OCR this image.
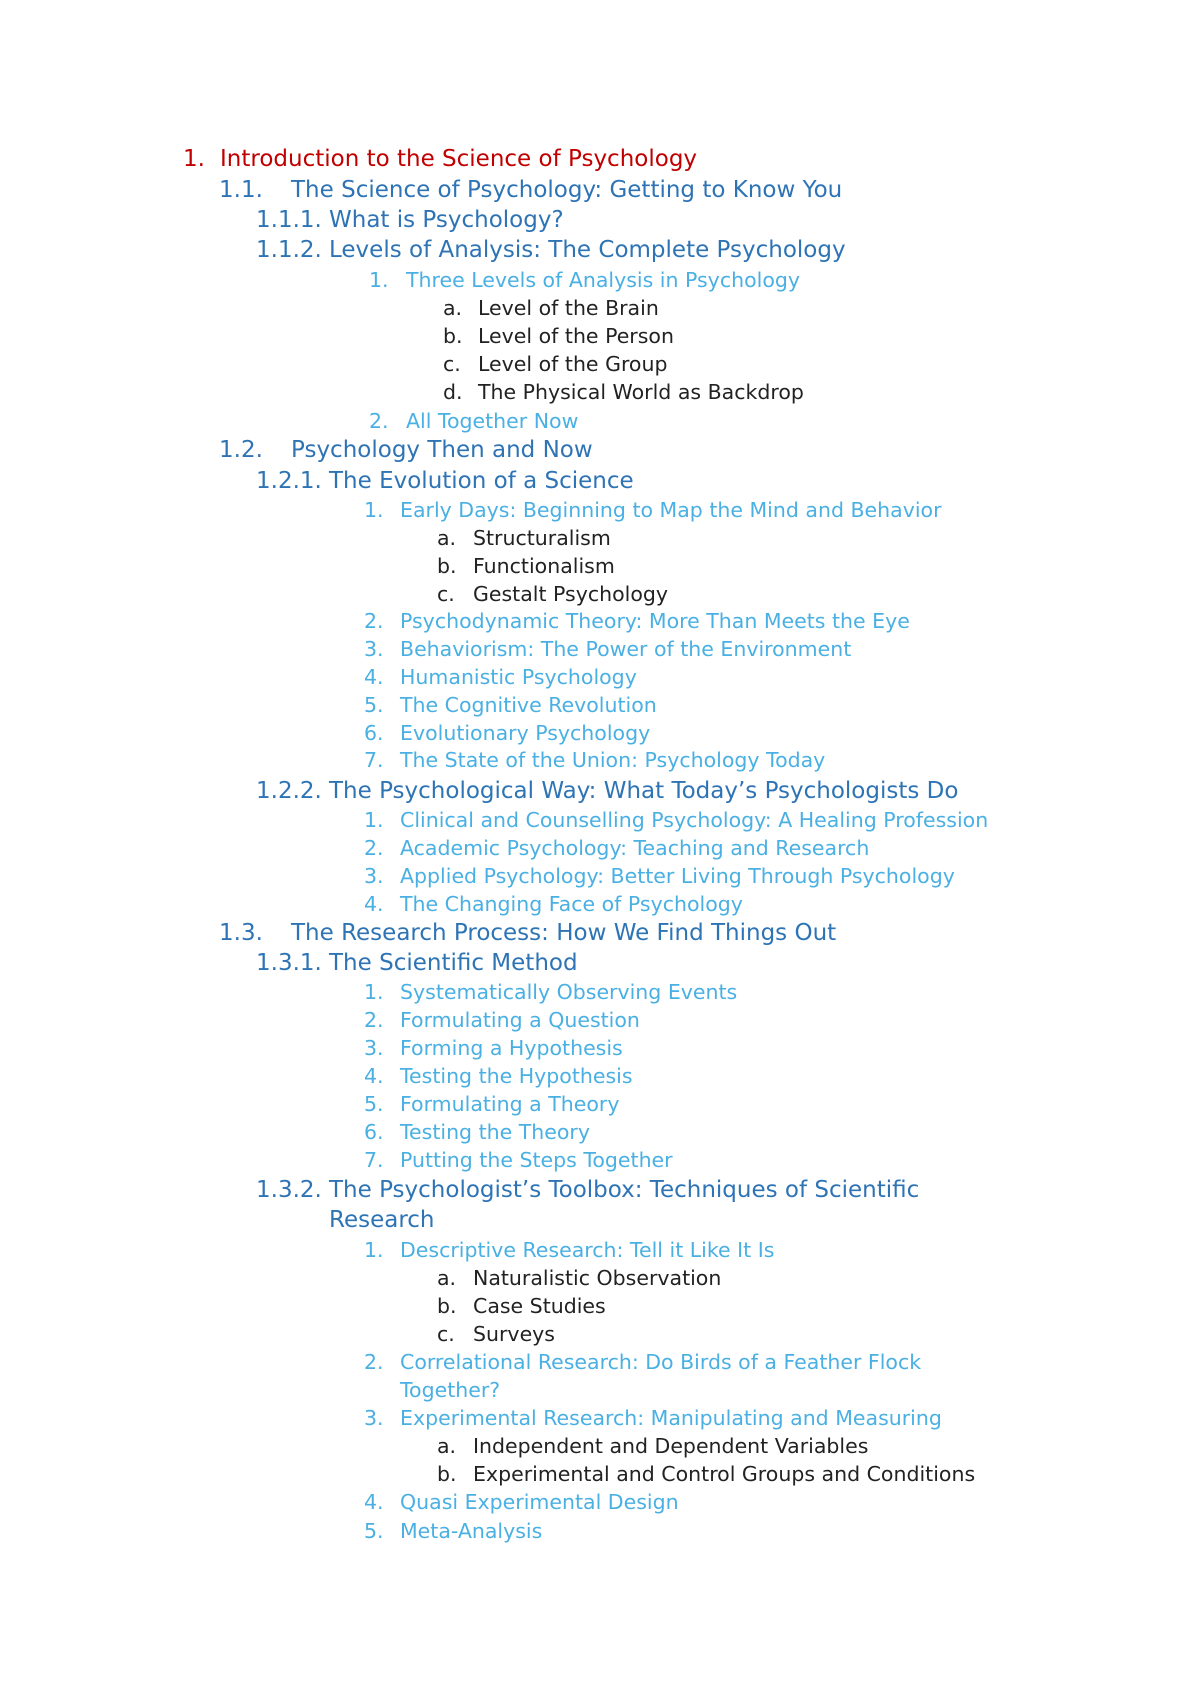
1. Introduction to the Science of Psychology
1.1. The Science of Psychology: Getting to Know You
1.1.1. What is Psychology?
1.1.2. Levels of Analysis: The Complete Psychology
1. Three Levels of Analysis in Psychology
a. Level of the Brain
b. Level of the Person
c. Level of the Group
d. The Physical World as Backdrop
2. All Together Now
1.2. Psychology Then and Now
1.2.1. The Evolution of a Science
1. Early Days: Beginning to Map the Mind and Behavior
a. Structuralism
b. Functionalism
c. Gestalt Psychology
2. Psychodynamic Theory: More Than Meets the Eye
3. Behaviorism: The Power of the Environment
4. Humanistic Psychology
5. The Cognitive Revolution
6. Evolutionary Psychology
7. The State of the Union: Psychology Today
1.2.2. The Psychological Way: What Today’s Psychologists Do
1. Clinical and Counselling Psychology: A Healing Profession
2. Academic Psychology: Teaching and Research
3. Applied Psychology: Better Living Through Psychology
4. The Changing Face of Psychology
1.3. The Research Process: How We Find Things Out
1.3.1. The Scientific Method
1. Systematically Observing Events
2. Formulating a Question
3. Forming a Hypothesis
4. Testing the Hypothesis
5. Formulating a Theory
6. Testing the Theory
7. Putting the Steps Together
1.3.2. The Psychologist’s Toolbox: Techniques of Scientific
Research
1. Descriptive Research: Tell it Like It Is
a. Naturalistic Observation
b. Case Studies
c. Surveys
2. Correlational Research: Do Birds of a Feather Flock
Together?
3. Experimental Research: Manipulating and Measuring
a. Independent and Dependent Variables
b. Experimental and Control Groups and Conditions
4. Quasi Experimental Design
5. Meta-Analysis
